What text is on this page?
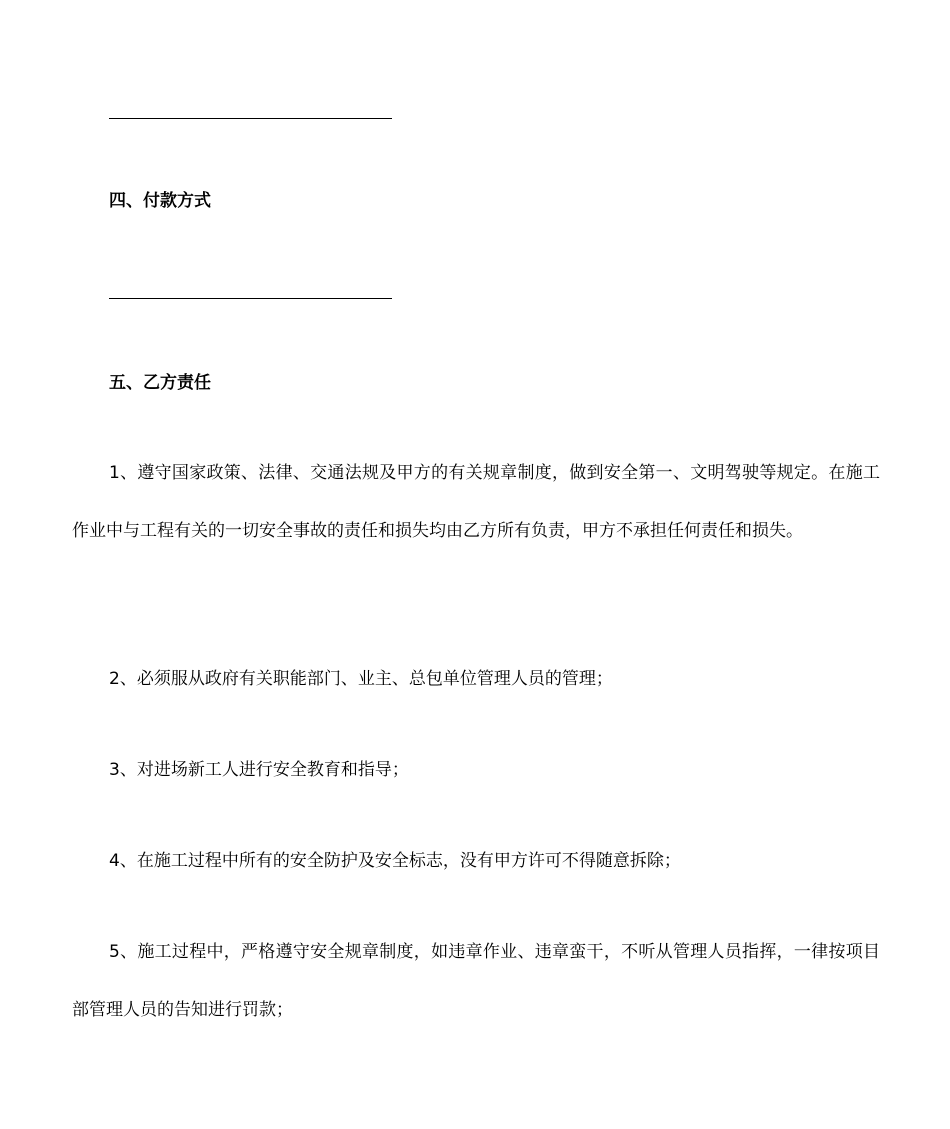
四、付款方式
五、乙方责任
1、遵守国家政策、法律、交通法规及甲方的有关规章制度，做到安全第一、文明驾驶等规定。在施工作业中与工程有关的一切安全事故的责任和损失均由乙方所有负责，甲方不承担任何责任和损失。
2、必须服从政府有关职能部门、业主、总包单位管理人员的管理；
3、对进场新工人进行安全教育和指导；
4、在施工过程中所有的安全防护及安全标志，没有甲方许可不得随意拆除；
5、施工过程中，严格遵守安全规章制度，如违章作业、违章蛮干，不听从管理人员指挥，一律按项目部管理人员的告知进行罚款；
